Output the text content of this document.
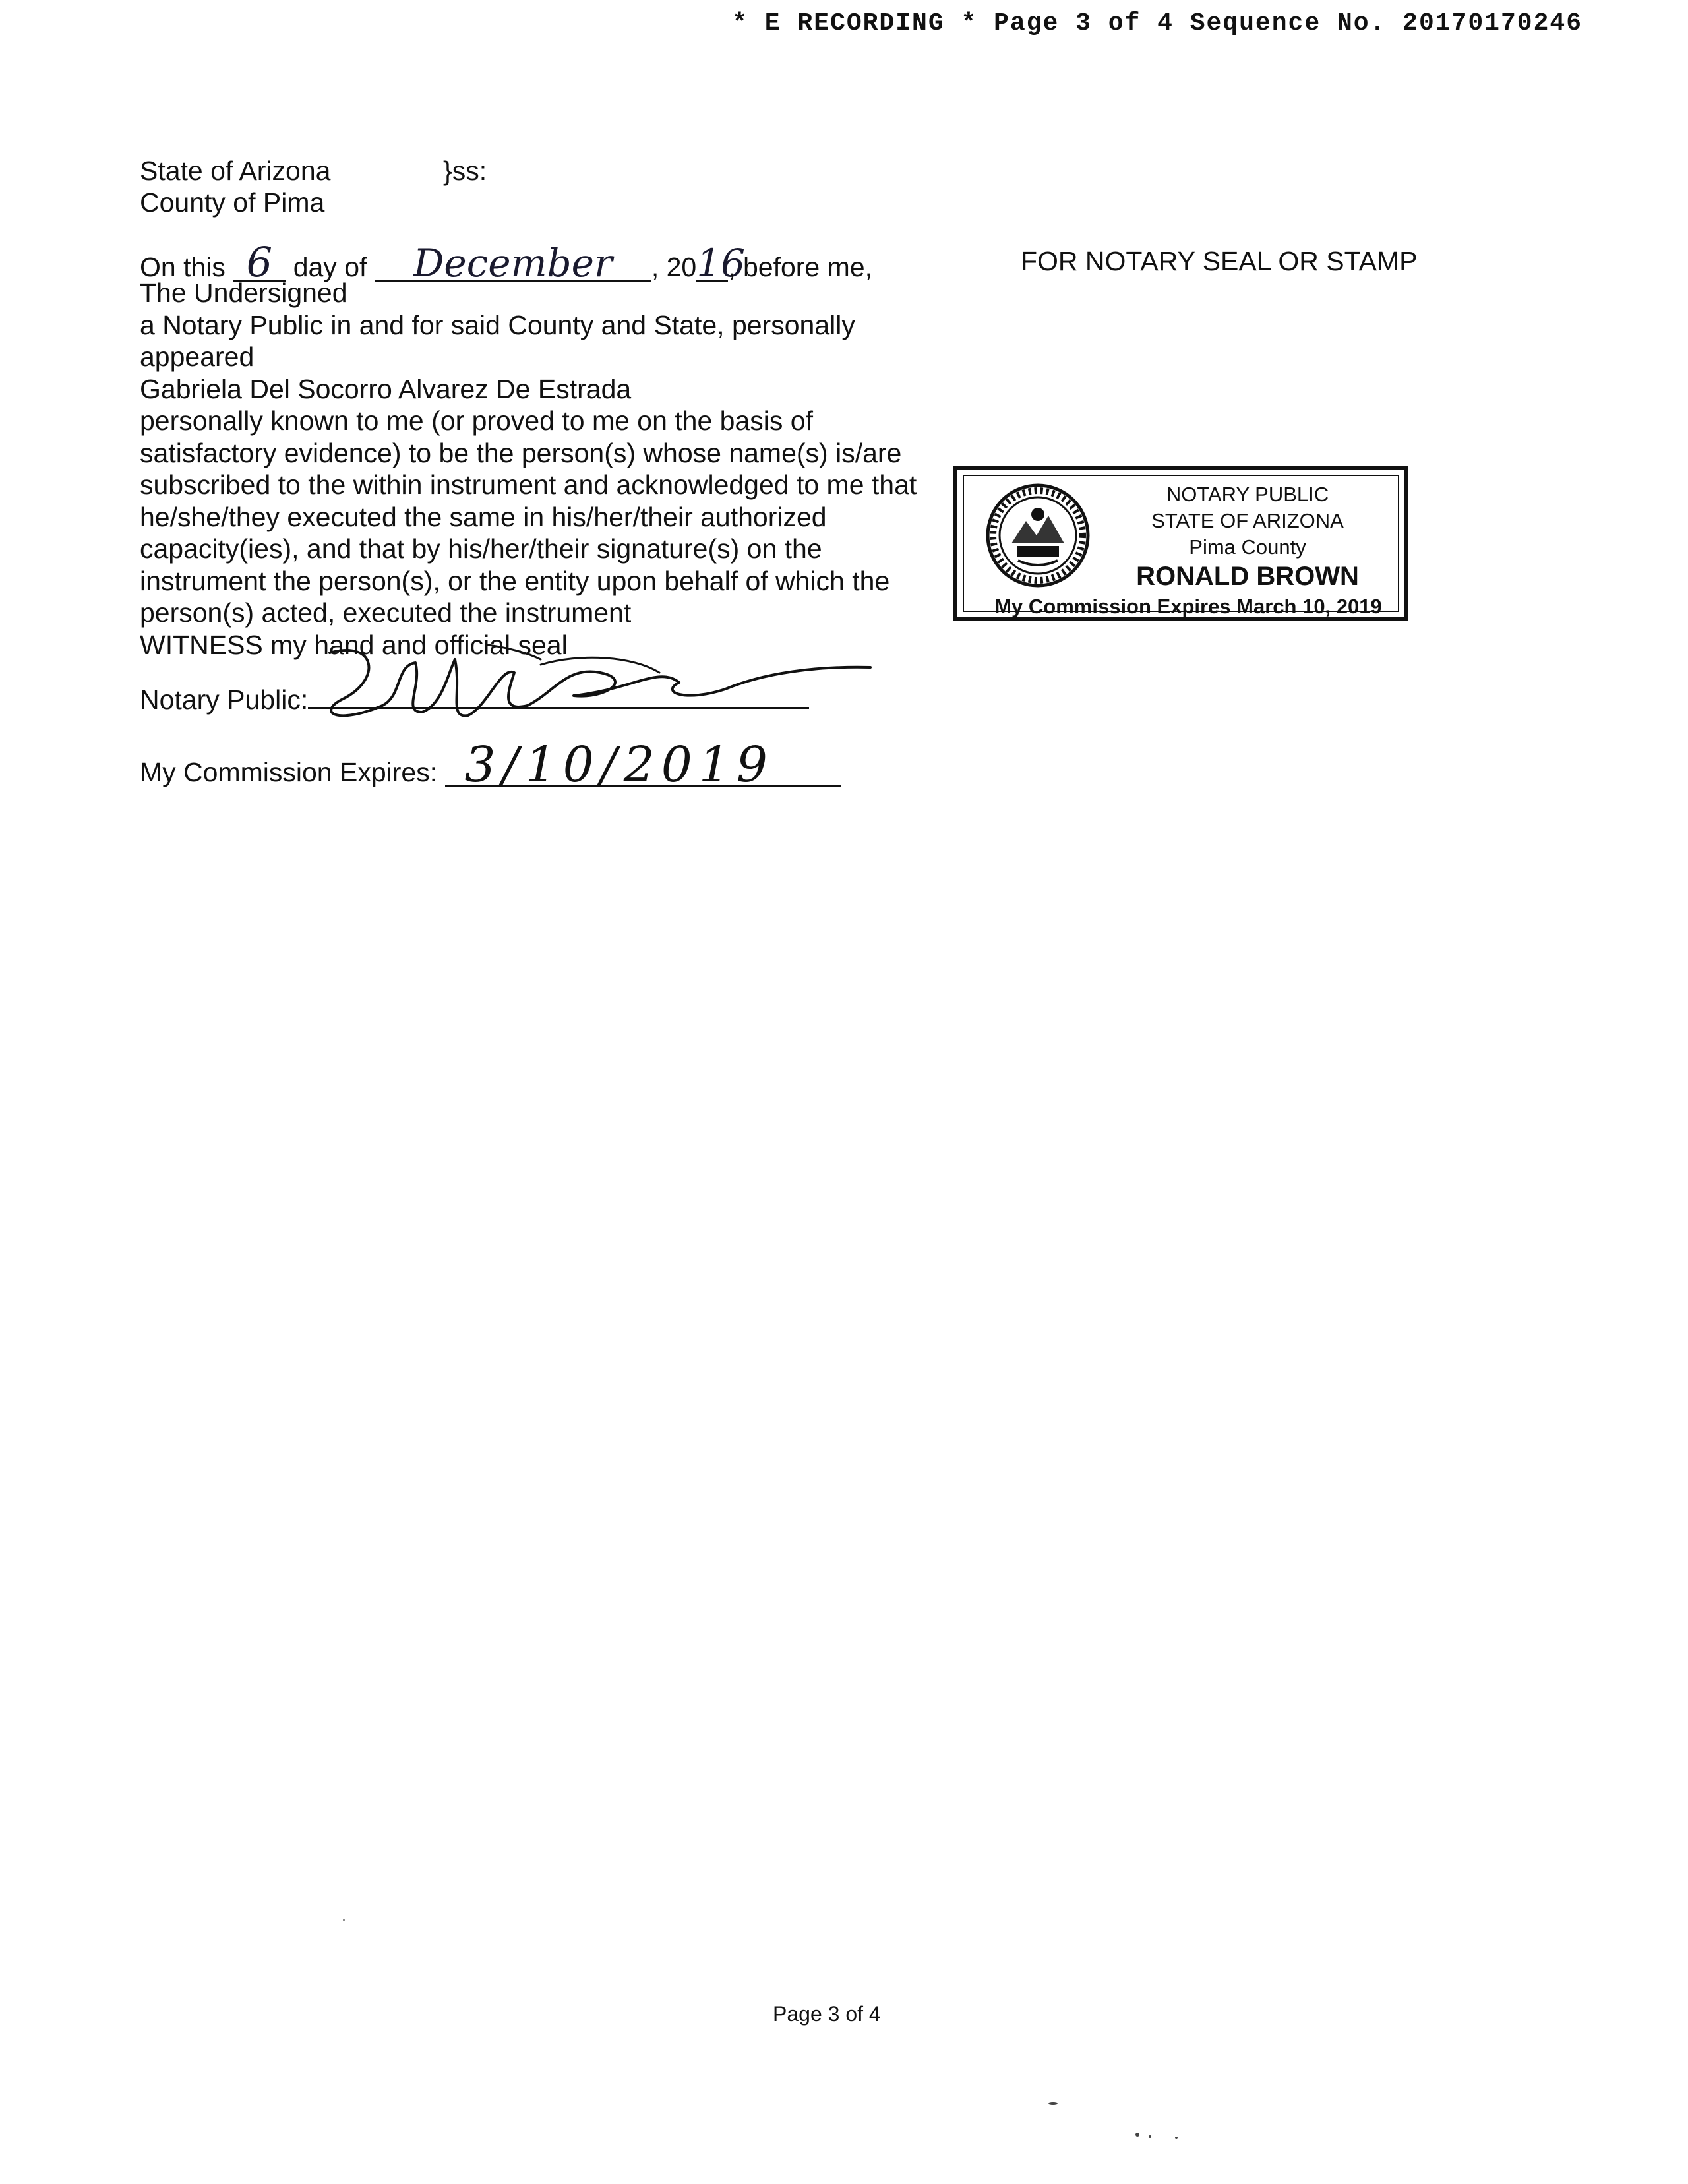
* E RECORDING * Page 3 of 4 Sequence No. 20170170246
State of Arizona	}ss:
County of Pima
On this 6 day of December , 2016, before me,
The Undersigned
a Notary Public in and for said County and State, personally
appeared
Gabriela Del Socorro Alvarez De Estrada
personally known to me (or proved to me on the basis of
satisfactory evidence) to be the person(s) whose name(s) is/are
subscribed to the within instrument and acknowledged to me that
he/she/they executed the same in his/her/their authorized
capacity(ies), and that by his/her/their signature(s) on the
instrument the person(s), or the entity upon behalf of which the
person(s) acted, executed the instrument
WITNESS my hand and official seal
Notary Public:
My Commission Expires: 3/10/2019
FOR NOTARY SEAL OR STAMP
NOTARY PUBLIC
STATE OF ARIZONA
Pima County
RONALD BROWN
My Commission Expires March 10, 2019
Page 3 of 4
